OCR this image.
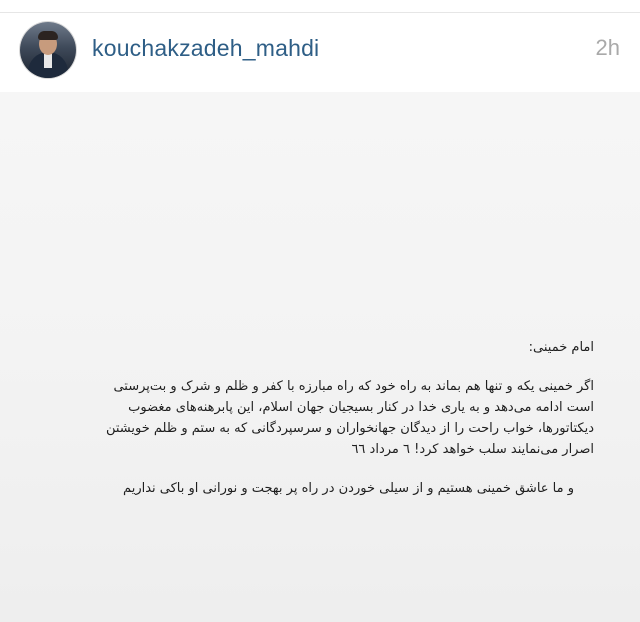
kouchakzadeh_mahdi	2h
امام خمینی:
اگر خمینی یکه و تنها هم بماند به راه خود که راه مبارزه با کفر و ظلم و شرک و بت‌پرستی است ادامه می‌دهد و به یاری خدا در کنار بسیجیان جهان اسلام، این پابرهنه‌های مغضوب دیکتاتورها، خواب راحت را از دیدگان جهانخواران و سرسپردگانی که به ستم و ظلم خویشتن اصرار می‌نمایند سلب خواهد کرد! ٦ مرداد ٦٦
و ما عاشق خمینی هستیم و از سیلی خوردن در راه پر بهجت و نورانی او باکی نداریم
